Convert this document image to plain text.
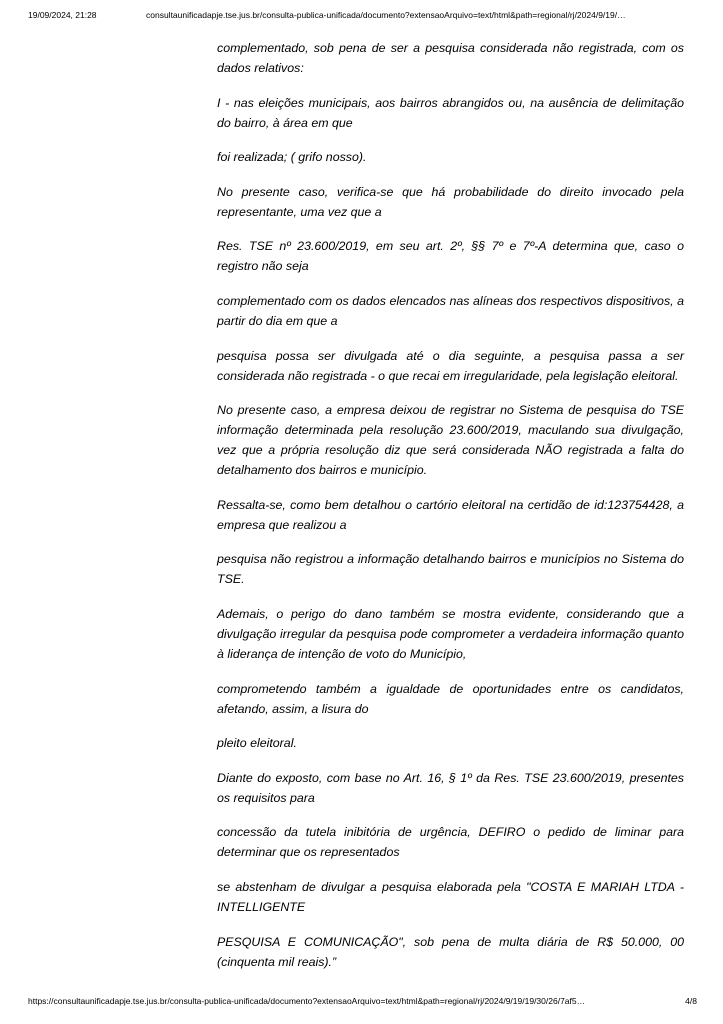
19/09/2024, 21:28	consultaunificadapje.tse.jus.br/consulta-publica-unificada/documento?extensaoArquivo=text/html&path=regional/rj/2024/9/19/…

complementado, sob pena de ser a pesquisa considerada não registrada, com os dados relativos:

I - nas eleições municipais, aos bairros abrangidos ou, na ausência de delimitação do bairro, à área em que

foi realizada; ( grifo nosso).

No presente caso, verifica-se que há probabilidade do direito invocado pela representante, uma vez que a

Res. TSE nº 23.600/2019, em seu art. 2º, §§ 7º e 7º-A determina que, caso o registro não seja

complementado com os dados elencados nas alíneas dos respectivos dispositivos, a partir do dia em que a

pesquisa possa ser divulgada até o dia seguinte, a pesquisa passa a ser considerada não registrada - o que recai em irregularidade, pela legislação eleitoral.

No presente caso, a empresa deixou de registrar no Sistema de pesquisa do TSE informação determinada pela resolução 23.600/2019, maculando sua divulgação, vez que a própria resolução diz que será considerada NÃO registrada a falta do detalhamento dos bairros e município.

Ressalta-se, como bem detalhou o cartório eleitoral na certidão de id:123754428, a empresa que realizou a

pesquisa não registrou a informação detalhando bairros e municípios no Sistema do TSE.

Ademais, o perigo do dano também se mostra evidente, considerando que a divulgação irregular da pesquisa pode comprometer a verdadeira informação quanto à liderança de intenção de voto do Município,

comprometendo também a igualdade de oportunidades entre os candidatos, afetando, assim, a lisura do

pleito eleitoral.

Diante do exposto, com base no Art. 16, § 1º da Res. TSE 23.600/2019, presentes os requisitos para

concessão da tutela inibitória de urgência, DEFIRO o pedido de liminar para determinar que os representados

se abstenham de divulgar a pesquisa elaborada pela "COSTA E MARIAH LTDA - INTELLIGENTE

PESQUISA E COMUNICAÇÃO", sob pena de multa diária de R$ 50.000, 00 (cinquenta mil reais).”

https://consultaunificadapje.tse.jus.br/consulta-publica-unificada/documento?extensaoArquivo=text/html&path=regional/rj/2024/9/19/19/30/26/7af5…	4/8
